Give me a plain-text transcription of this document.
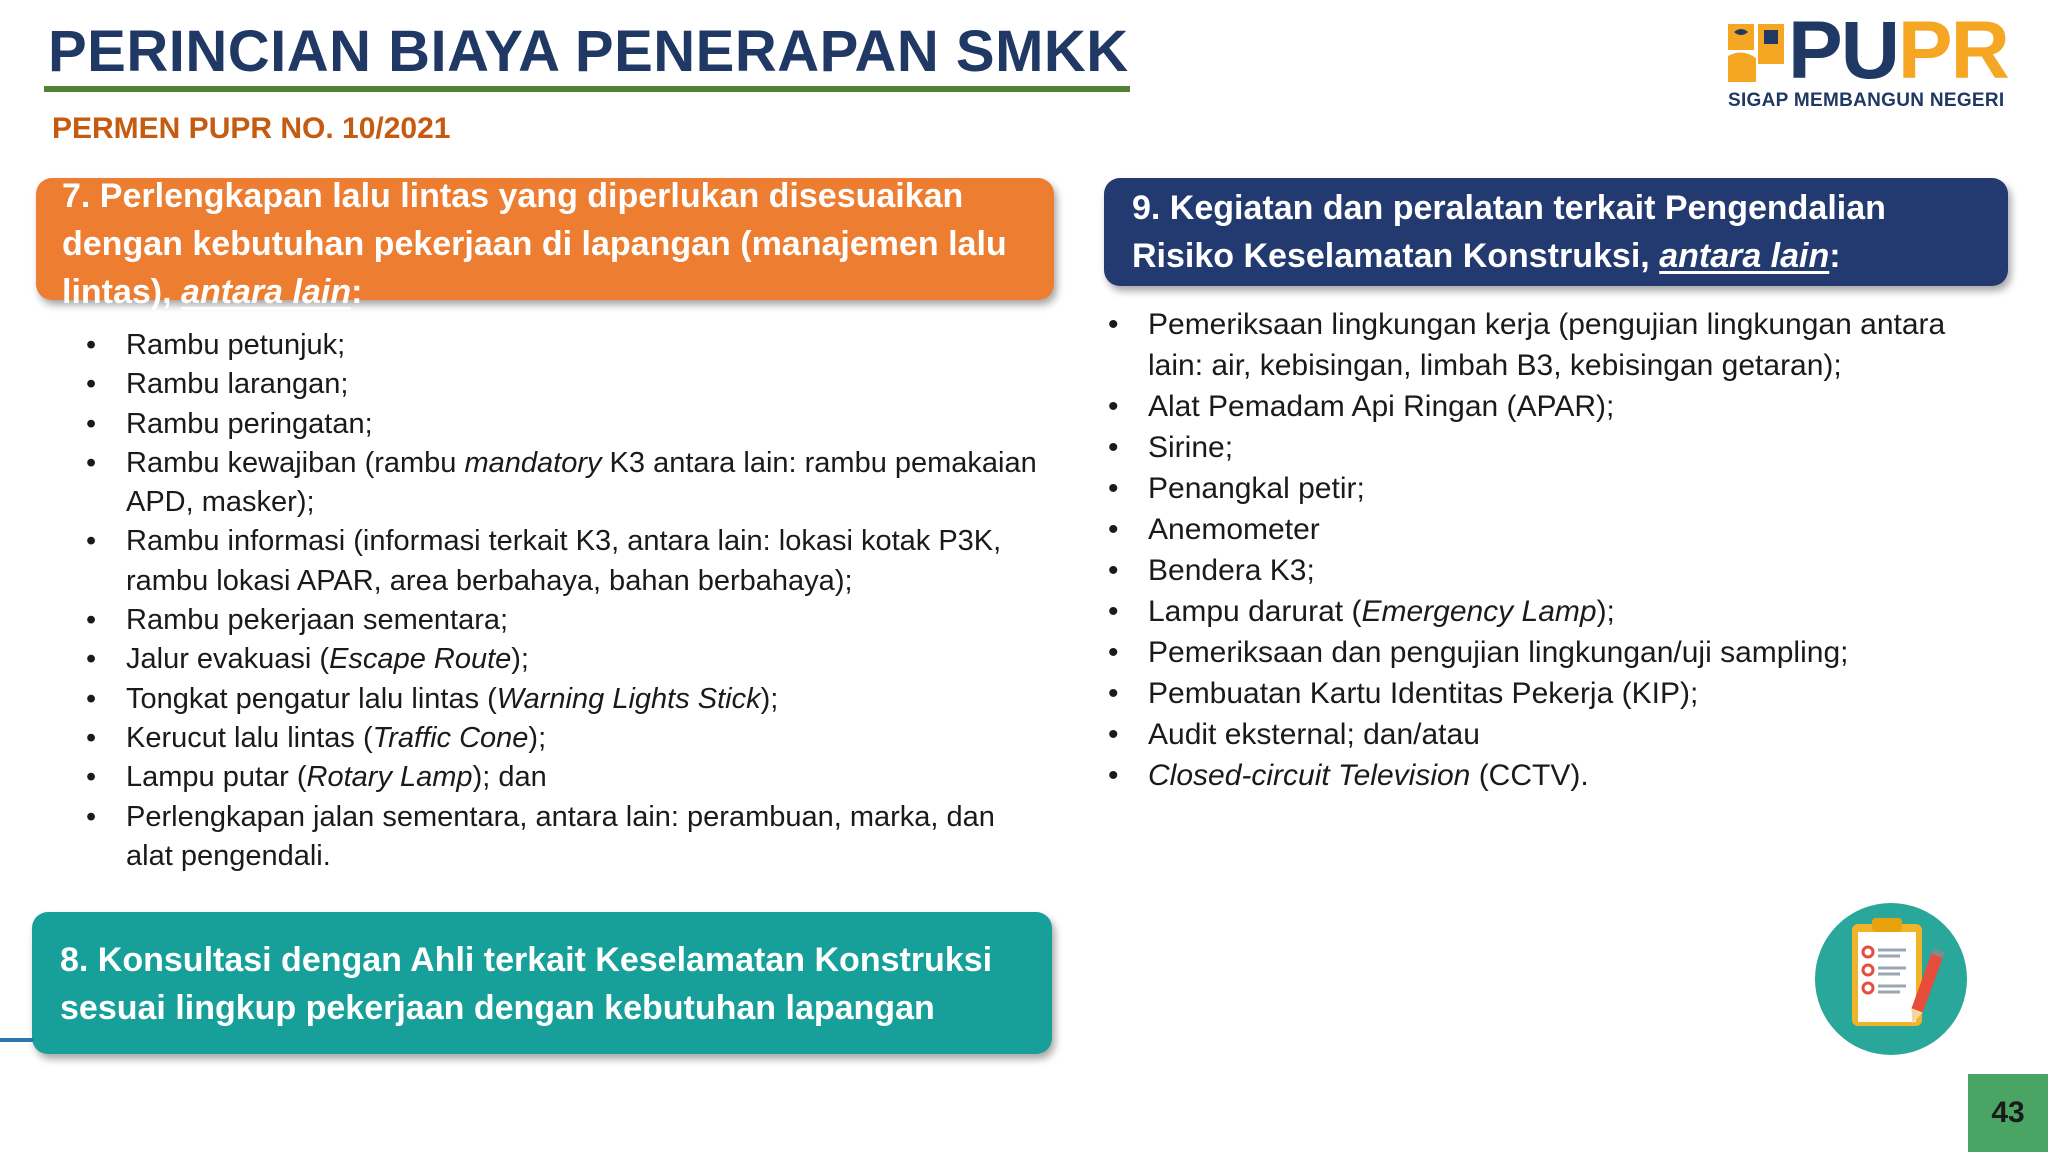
PERINCIAN BIAYA PENERAPAN SMKK
PERMEN PUPR NO. 10/2021
PUPR
SIGAP MEMBANGUN NEGERI
7. Perlengkapan lalu lintas yang diperlukan disesuaikan dengan kebutuhan pekerjaan di lapangan (manajemen lalu lintas), antara lain:
• Rambu petunjuk;
• Rambu larangan;
• Rambu peringatan;
• Rambu kewajiban (rambu mandatory K3 antara lain: rambu pemakaian APD, masker);
• Rambu informasi (informasi terkait K3, antara lain: lokasi kotak P3K, rambu lokasi APAR, area berbahaya, bahan berbahaya);
• Rambu pekerjaan sementara;
• Jalur evakuasi (Escape Route);
• Tongkat pengatur lalu lintas (Warning Lights Stick);
• Kerucut lalu lintas (Traffic Cone);
• Lampu putar (Rotary Lamp); dan
• Perlengkapan jalan sementara, antara lain: perambuan, marka, dan alat pengendali.
8. Konsultasi dengan Ahli terkait Keselamatan Konstruksi sesuai lingkup pekerjaan dengan kebutuhan lapangan
9. Kegiatan dan peralatan terkait Pengendalian Risiko Keselamatan Konstruksi, antara lain:
• Pemeriksaan lingkungan kerja (pengujian lingkungan antara lain: air, kebisingan, limbah B3, kebisingan getaran);
• Alat Pemadam Api Ringan (APAR);
• Sirine;
• Penangkal petir;
• Anemometer
• Bendera K3;
• Lampu darurat (Emergency Lamp);
• Pemeriksaan dan pengujian lingkungan/uji sampling;
• Pembuatan Kartu Identitas Pekerja (KIP);
• Audit eksternal; dan/atau
• Closed-circuit Television (CCTV).
43
